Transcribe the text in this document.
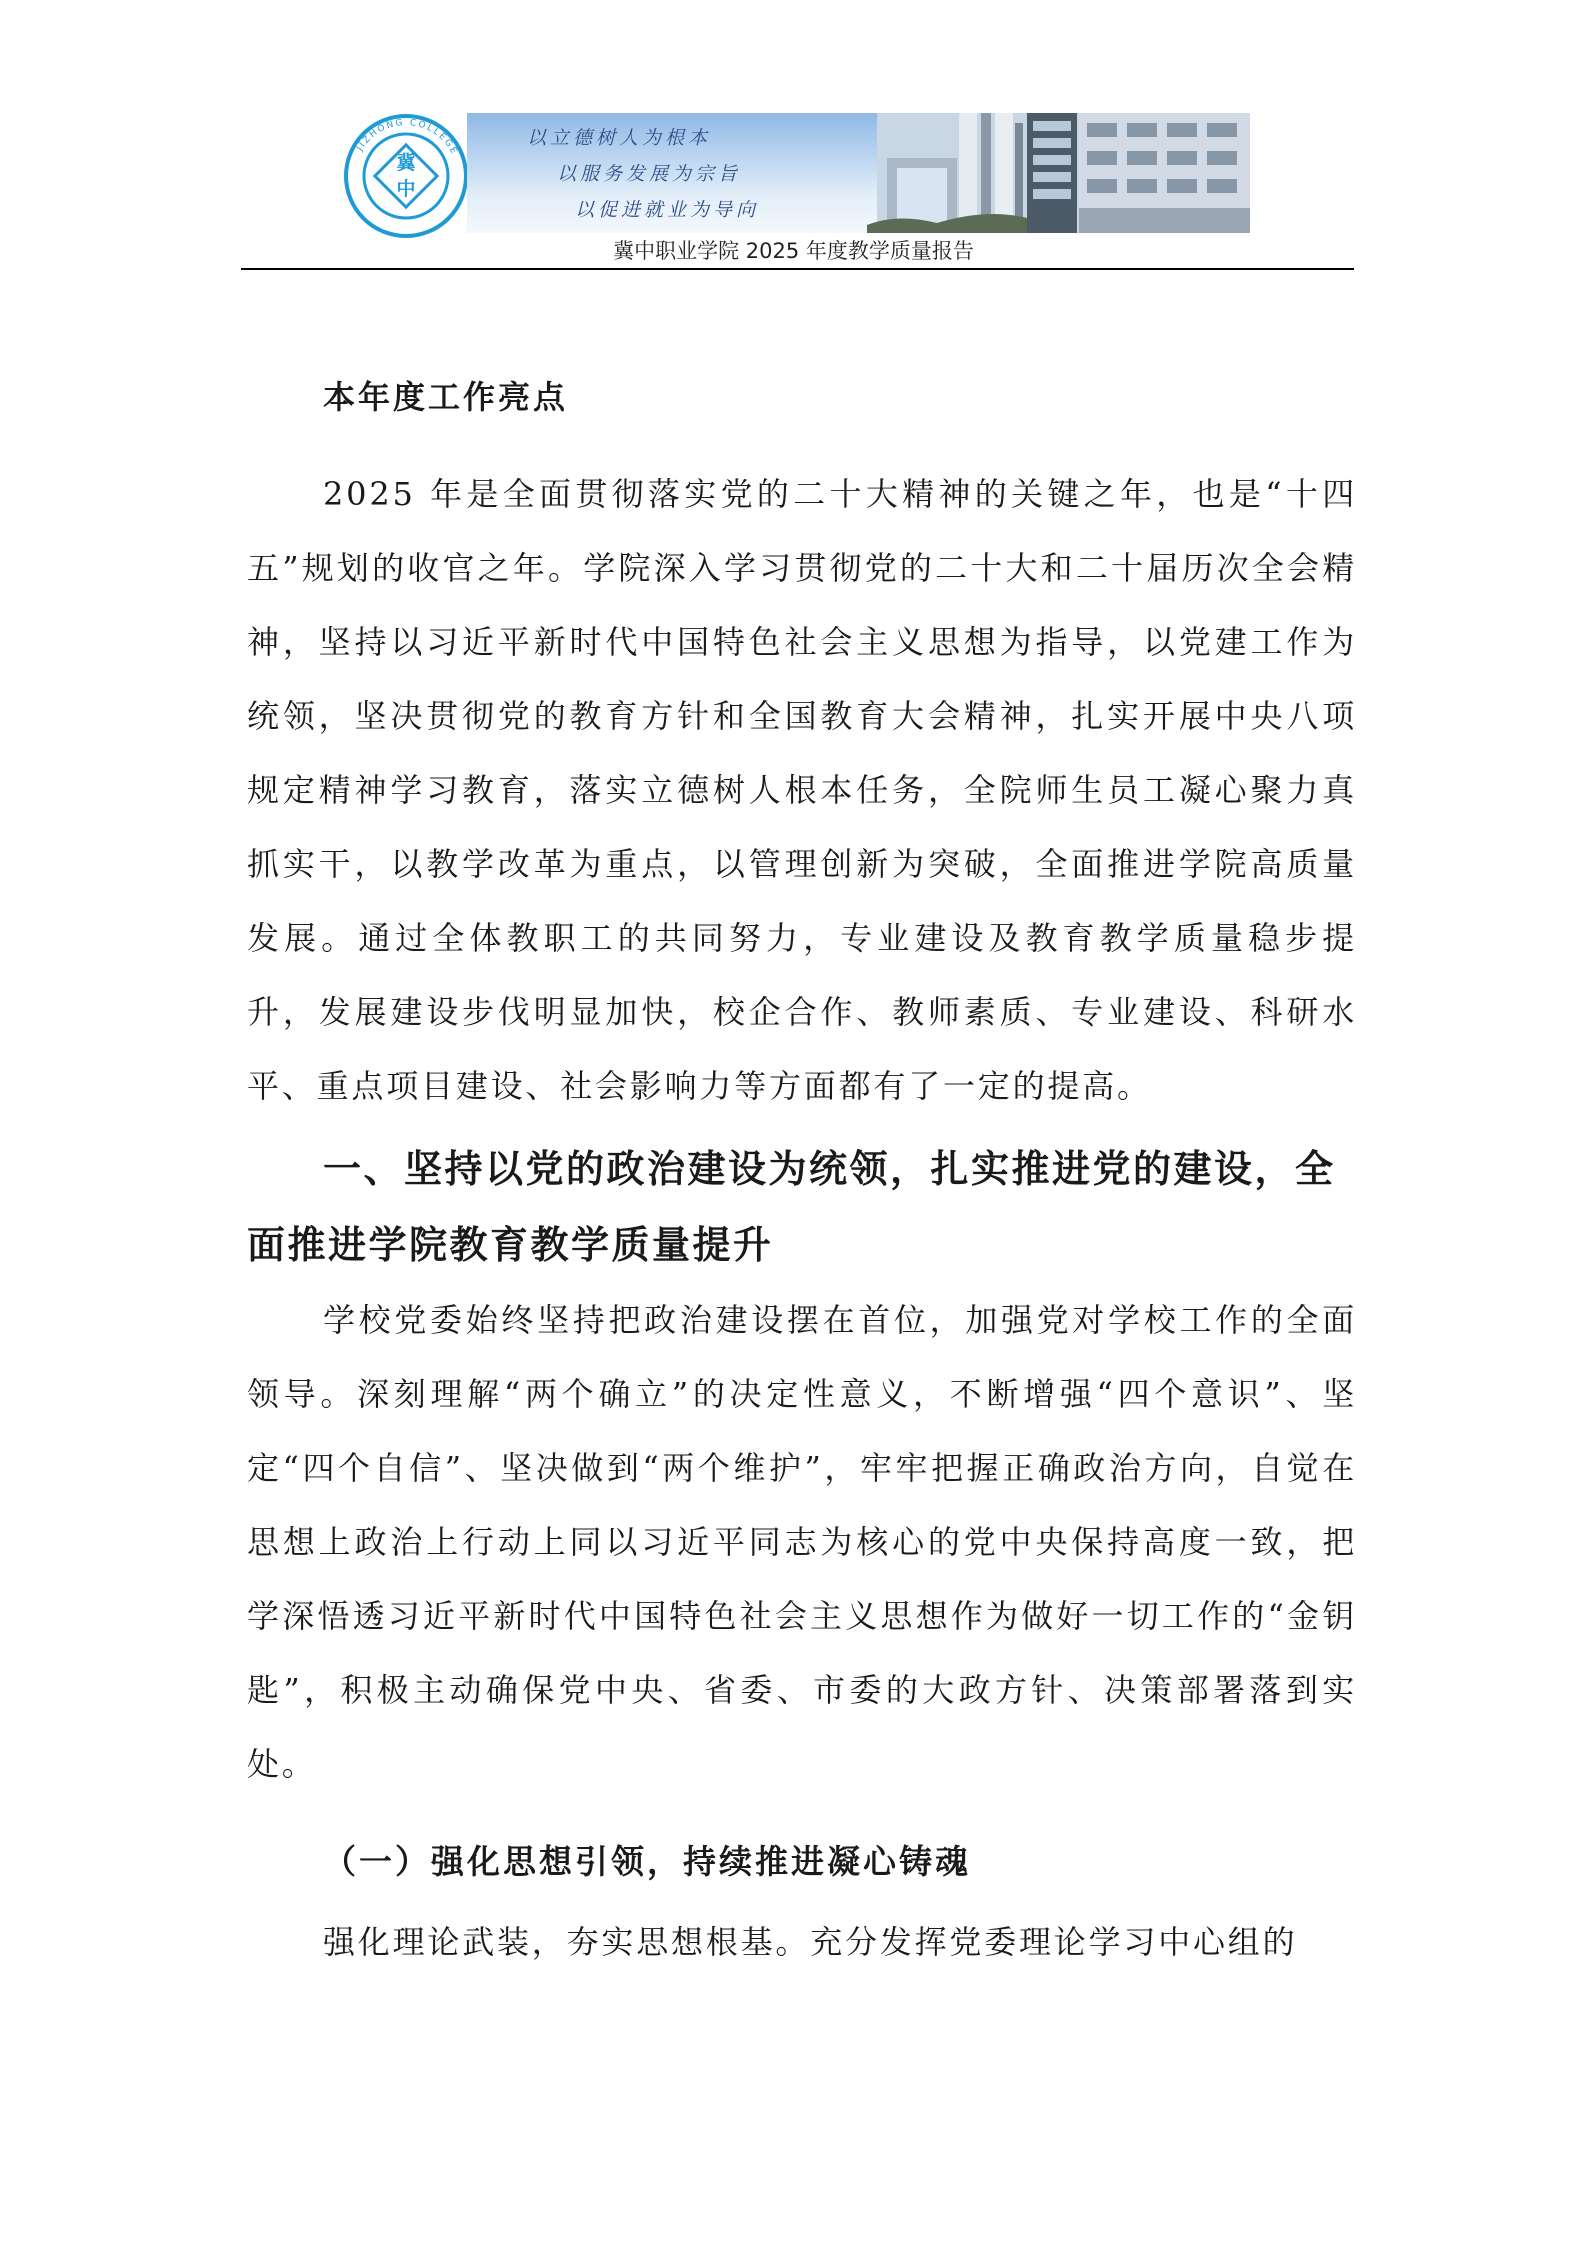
冀
中
JIZHONG COLLEGE
以立德树人为根本
以服务发展为宗旨
以促进就业为导向
冀中职业学院 2025 年度教学质量报告

本年度工作亮点

2025 年是全面贯彻落实党的二十大精神的关键之年，也是“十四五”规划的收官之年。学院深入学习贯彻党的二十大和二十届历次全会精神，坚持以习近平新时代中国特色社会主义思想为指导，以党建工作为统领，坚决贯彻党的教育方针和全国教育大会精神，扎实开展中央八项规定精神学习教育，落实立德树人根本任务，全院师生员工凝心聚力真抓实干，以教学改革为重点，以管理创新为突破，全面推进学院高质量发展。通过全体教职工的共同努力，专业建设及教育教学质量稳步提升，发展建设步伐明显加快，校企合作、教师素质、专业建设、科研水平、重点项目建设、社会影响力等方面都有了一定的提高。

一、坚持以党的政治建设为统领，扎实推进党的建设，全面推进学院教育教学质量提升

学校党委始终坚持把政治建设摆在首位，加强党对学校工作的全面领导。深刻理解“两个确立”的决定性意义，不断增强“四个意识”、坚定“四个自信”、坚决做到“两个维护”，牢牢把握正确政治方向，自觉在思想上政治上行动上同以习近平同志为核心的党中央保持高度一致，把学深悟透习近平新时代中国特色社会主义思想作为做好一切工作的“金钥匙”，积极主动确保党中央、省委、市委的大政方针、决策部署落到实处。

（一）强化思想引领，持续推进凝心铸魂

强化理论武装，夯实思想根基。充分发挥党委理论学习中心组的
